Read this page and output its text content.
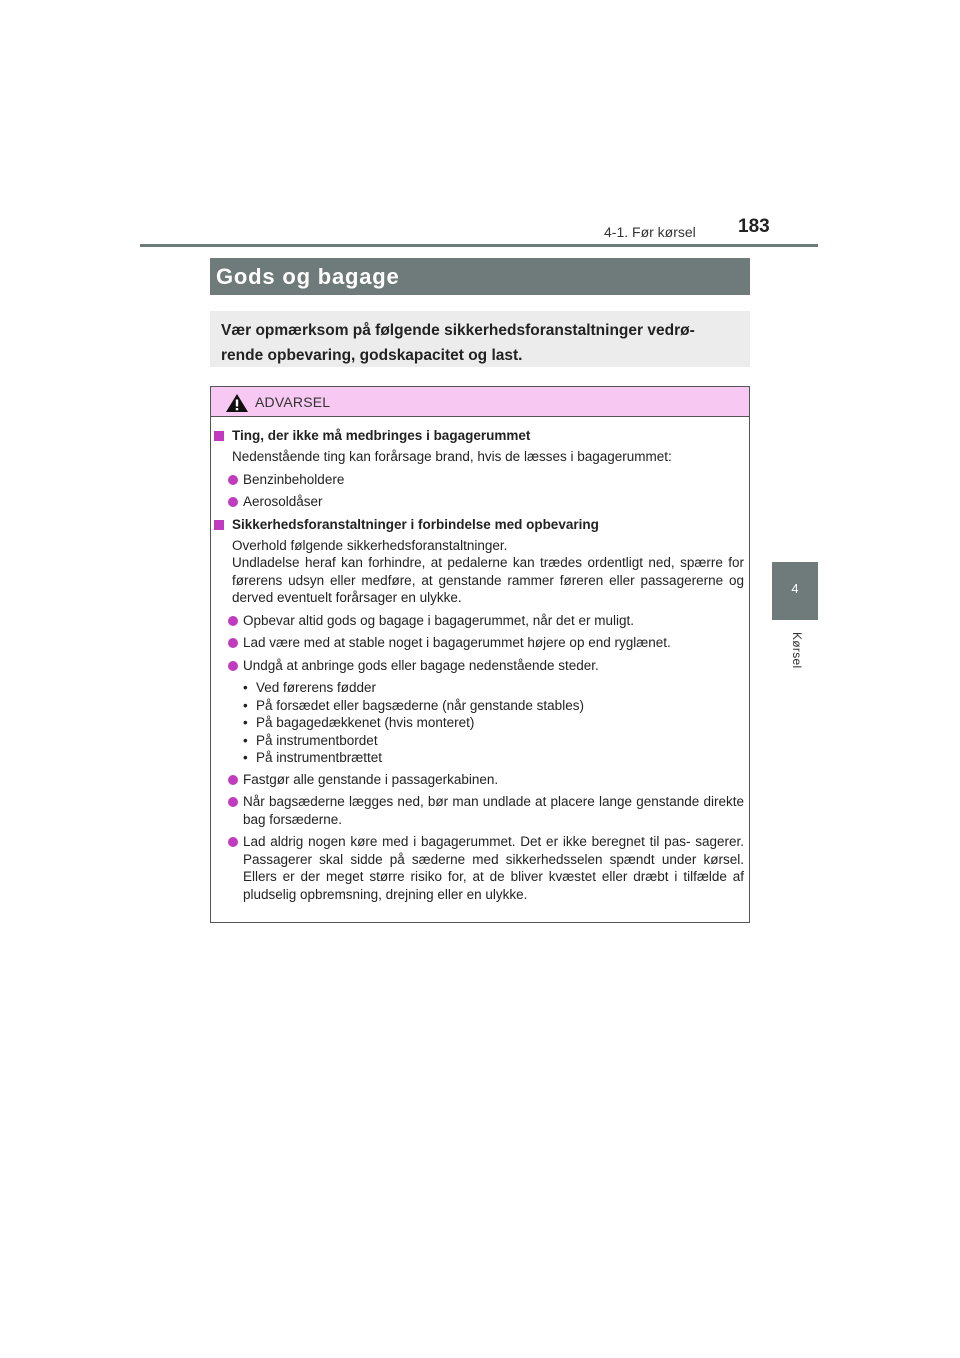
4-1. Før kørsel 183
4
Kørsel
Gods og bagage
Vær opmærksom på følgende sikkerhedsforanstaltninger vedrø- rende opbevaring, godskapacitet og last.
ADVARSEL
Ting, der ikke må medbringes i bagagerummet
Nedenstående ting kan forårsage brand, hvis de læsses i bagagerummet:
Benzinbeholdere
Aerosoldåser
Sikkerhedsforanstaltninger i forbindelse med opbevaring
Overhold følgende sikkerhedsforanstaltninger.
Undladelse heraf kan forhindre, at pedalerne kan trædes ordentligt ned, spærre for førerens udsyn eller medføre, at genstande rammer føreren eller passagererne og derved eventuelt forårsager en ulykke.
Opbevar altid gods og bagage i bagagerummet, når det er muligt.
Lad være med at stable noget i bagagerummet højere op end ryglænet.
Undgå at anbringe gods eller bagage nedenstående steder.
• Ved førerens fødder
• På forsædet eller bagsæderne (når genstande stables)
• På bagagedækkenet (hvis monteret)
• På instrumentbordet
• På instrumentbrættet
Fastgør alle genstande i passagerkabinen.
Når bagsæderne lægges ned, bør man undlade at placere lange genstande direkte bag forsæderne.
Lad aldrig nogen køre med i bagagerummet. Det er ikke beregnet til pas- sagerer. Passagerer skal sidde på sæderne med sikkerhedsselen spændt under kørsel. Ellers er der meget større risiko for, at de bliver kvæstet eller dræbt i tilfælde af pludselig opbremsning, drejning eller en ulykke.
